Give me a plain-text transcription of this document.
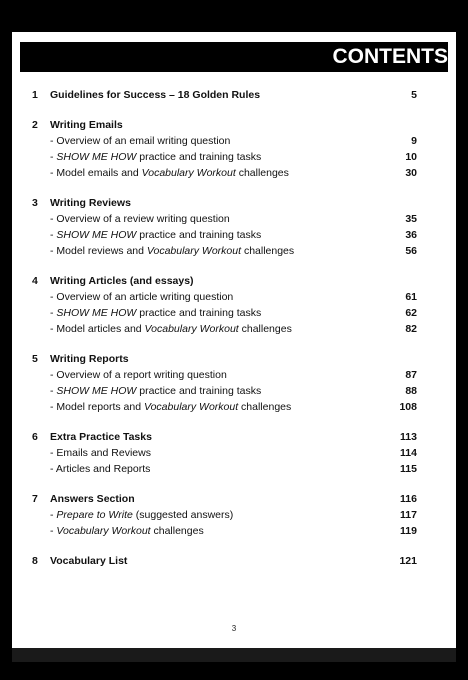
CONTENTS
1 Guidelines for Success – 18 Golden Rules	5
2 Writing Emails
- Overview of an email writing question	9
- SHOW ME HOW practice and training tasks	10
- Model emails and Vocabulary Workout challenges	30
3 Writing Reviews
- Overview of a review writing question	35
- SHOW ME HOW practice and training tasks	36
- Model reviews and Vocabulary Workout challenges	56
4 Writing Articles (and essays)
- Overview of an article writing question	61
- SHOW ME HOW practice and training tasks	62
- Model articles and Vocabulary Workout challenges	82
5 Writing Reports
- Overview of a report writing question	87
- SHOW ME HOW practice and training tasks	88
- Model reports and Vocabulary Workout challenges	108
6 Extra Practice Tasks	113
- Emails and Reviews	114
- Articles and Reports	115
7 Answers Section	116
- Prepare to Write (suggested answers)	117
- Vocabulary Workout challenges	119
8 Vocabulary List	121
3
